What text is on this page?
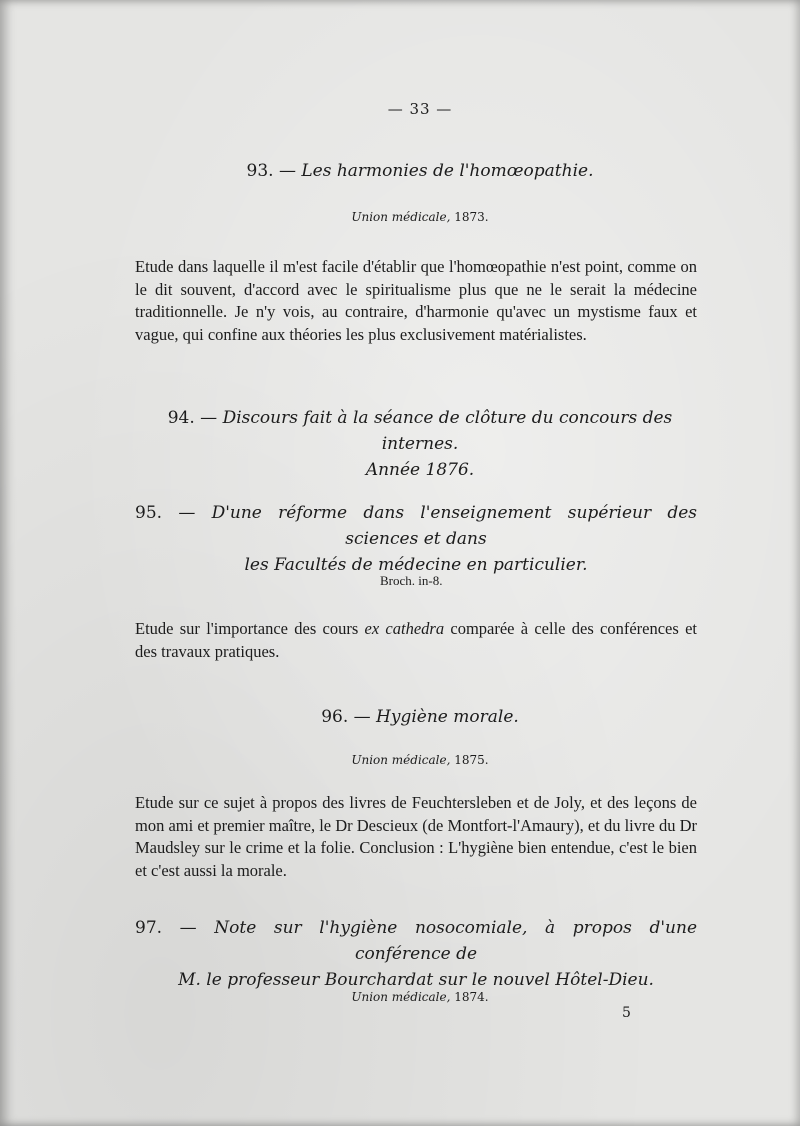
— 33 —
93. — Les harmonies de l'homœopathie.
Union médicale, 1873.
Etude dans laquelle il m'est facile d'établir que l'homœopathie n'est point, comme on le dit souvent, d'accord avec le spiritualisme plus que ne le serait la médecine traditionnelle. Je n'y vois, au contraire, d'harmonie qu'avec un mystisme faux et vague, qui confine aux théories les plus exclusivement matérialistes.
94. — Discours fait à la séance de clôture du concours des internes.
Année 1876.
95. — D'une réforme dans l'enseignement supérieur des sciences et dans
les Facultés de médecine en particulier.
Broch. in-8.
Etude sur l'importance des cours ex cathedra comparée à celle des conférences et des travaux pratiques.
96. — Hygiène morale.
Union médicale, 1875.
Etude sur ce sujet à propos des livres de Feuchtersleben et de Joly, et des leçons de mon ami et premier maître, le Dr Descieux (de Montfort-l'Amaury), et du livre du Dr Maudsley sur le crime et la folie. Conclusion : L'hygiène bien entendue, c'est le bien et c'est aussi la morale.
97. — Note sur l'hygiène nosocomiale, à propos d'une conférence de
M. le professeur Bourchardat sur le nouvel Hôtel-Dieu.
Union médicale, 1874.
5
